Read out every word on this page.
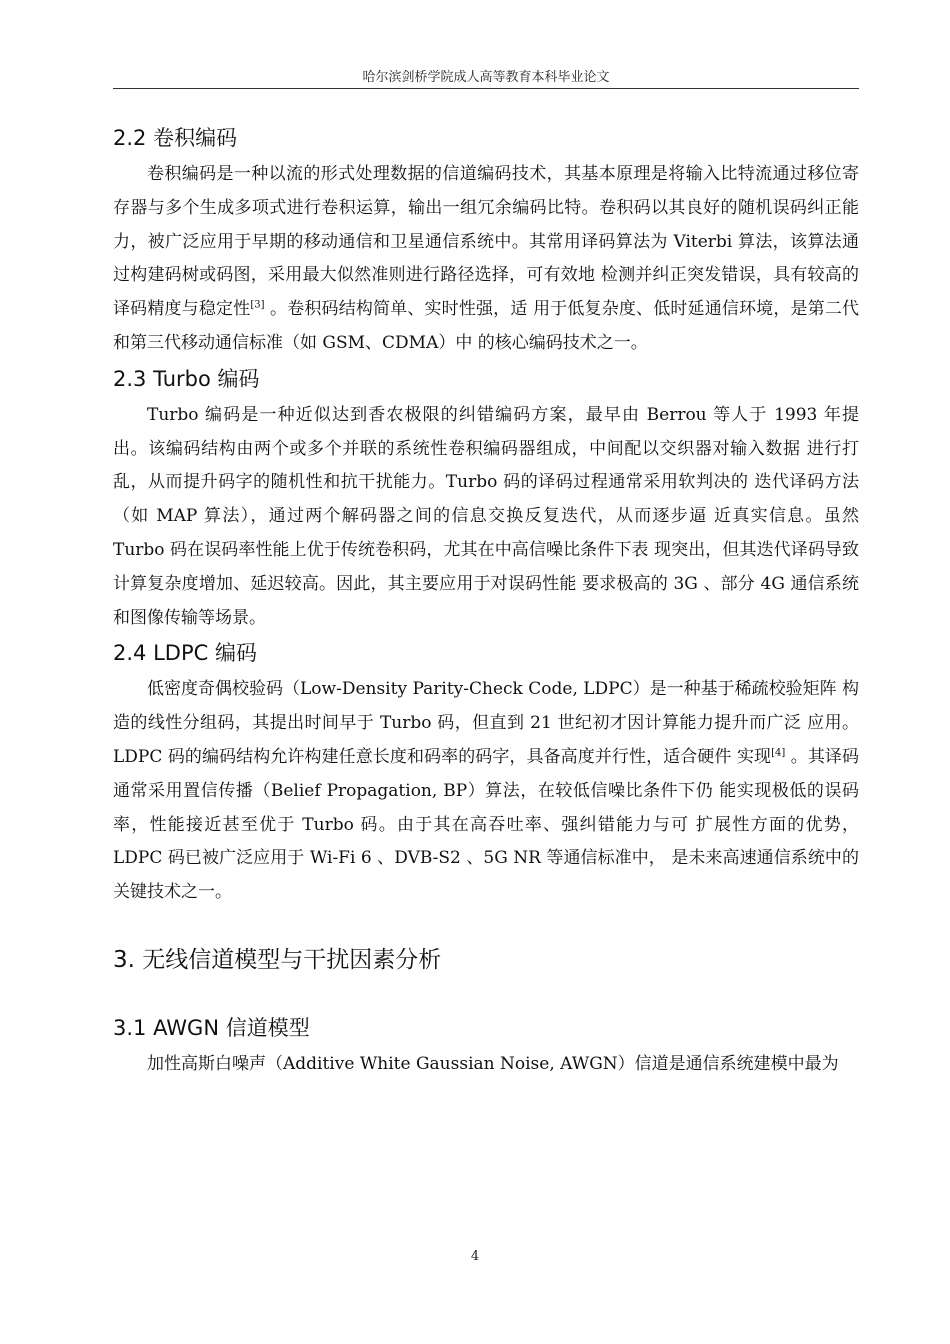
哈尔滨剑桥学院成人高等教育本科毕业论文
2.2 卷积编码

卷积编码是一种以流的形式处理数据的信道编码技术，其基本原理是将输入比特流通过移位寄存器与多个生成多项式进行卷积运算，输出一组冗余编码比特。卷积码以其良好的随机误码纠正能力，被广泛应用于早期的移动通信和卫星通信系统中。其常用译码算法为 Viterbi 算法，该算法通过构建码树或码图，采用最大似然准则进行路径选择，可有效地 检测并纠正突发错误，具有较高的译码精度与稳定性[3] 。卷积码结构简单、实时性强，适 用于低复杂度、低时延通信环境，是第二代和第三代移动通信标准（如 GSM、CDMA）中 的核心编码技术之一。

2.3 Turbo 编码

Turbo 编码是一种近似达到香农极限的纠错编码方案，最早由 Berrou 等人于 1993 年提 出。该编码结构由两个或多个并联的系统性卷积编码器组成，中间配以交织器对输入数据 进行打乱，从而提升码字的随机性和抗干扰能力。Turbo 码的译码过程通常采用软判决的 迭代译码方法（如 MAP 算法），通过两个解码器之间的信息交换反复迭代，从而逐步逼 近真实信息。虽然 Turbo 码在误码率性能上优于传统卷积码，尤其在中高信噪比条件下表 现突出，但其迭代译码导致计算复杂度增加、延迟较高。因此，其主要应用于对误码性能 要求极高的 3G 、部分 4G 通信系统和图像传输等场景。

2.4 LDPC 编码

低密度奇偶校验码（Low-Density Parity-Check Code, LDPC）是一种基于稀疏校验矩阵 构造的线性分组码，其提出时间早于 Turbo 码，但直到 21 世纪初才因计算能力提升而广泛 应用。LDPC 码的编码结构允许构建任意长度和码率的码字，具备高度并行性，适合硬件 实现[4] 。其译码通常采用置信传播（Belief Propagation, BP）算法，在较低信噪比条件下仍 能实现极低的误码率，性能接近甚至优于 Turbo 码。由于其在高吞吐率、强纠错能力与可 扩展性方面的优势，LDPC 码已被广泛应用于 Wi-Fi 6 、DVB-S2 、5G NR 等通信标准中， 是未来高速通信系统中的关键技术之一。

3. 无线信道模型与干扰因素分析
3.1 AWGN 信道模型

加性高斯白噪声（Additive White Gaussian Noise, AWGN）信道是通信系统建模中最为

4
